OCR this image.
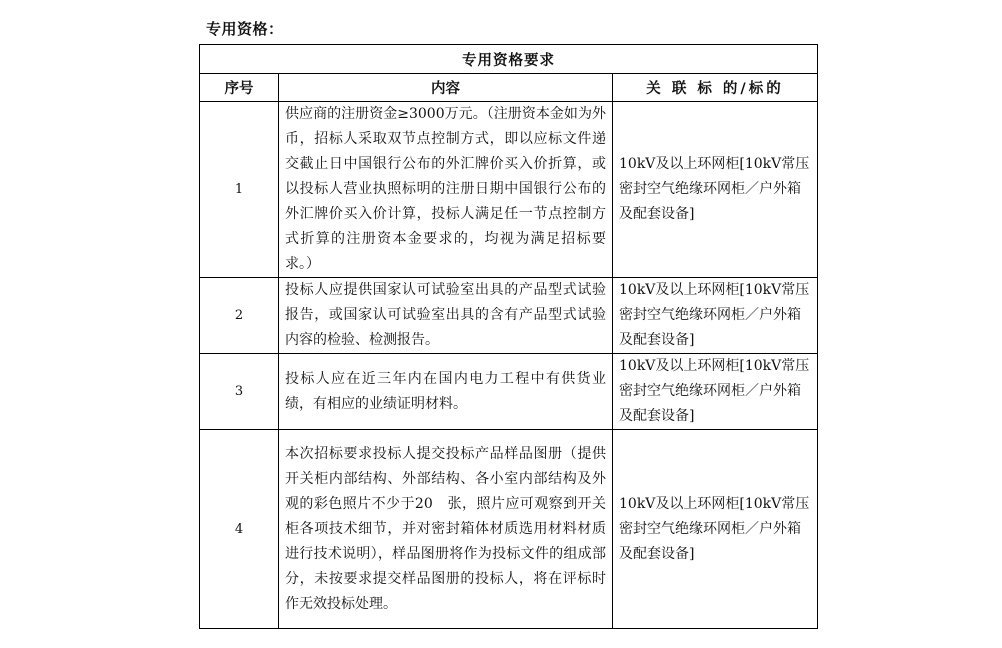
专用资格：
专用资格要求		
序号	内容	关 联 标 的/标的
1	供应商的注册资金≥3000万元。（注册资本金如为外币，招标人采取双节点控制方式，即以应标文件递交截止日中国银行公布的外汇牌价买入价折算，或以投标人营业执照标明的注册日期中国银行公布的外汇牌价买入价计算，投标人满足任一节点控制方式折算的注册资本金要求的，均视为满足招标要求。）	10kV及以上环网柜[10kV常压密封空气绝缘环网柜／户外箱及配套设备]
2	投标人应提供国家认可试验室出具的产品型式试验报告，或国家认可试验室出具的含有产品型式试验内容的检验、检测报告。	10kV及以上环网柜[10kV常压密封空气绝缘环网柜／户外箱及配套设备]
3	投标人应在近三年内在国内电力工程中有供货业绩，有相应的业绩证明材料。	10kV及以上环网柜[10kV常压密封空气绝缘环网柜／户外箱及配套设备]
4	本次招标要求投标人提交投标产品样品图册（提供开关柜内部结构、外部结构、各小室内部结构及外观的彩色照片不少于20　张，照片应可观察到开关柜各项技术细节，并对密封箱体材质选用材料材质进行技术说明），样品图册将作为投标文件的组成部分，未按要求提交样品图册的投标人，将在评标时作无效投标处理。	10kV及以上环网柜[10kV常压密封空气绝缘环网柜／户外箱及配套设备]
